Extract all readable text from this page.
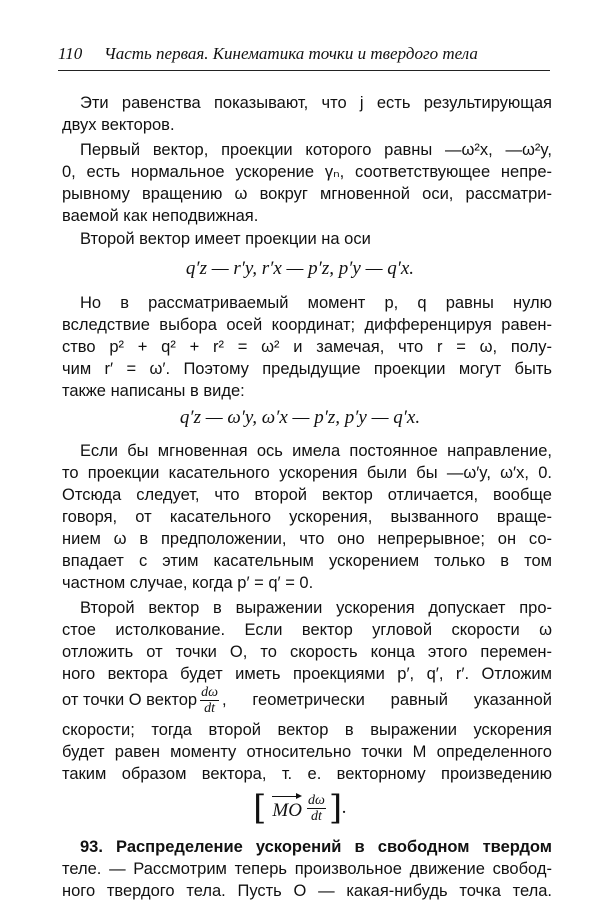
110 Часть первая. Кинематика точки и твердого тела
Эти равенства показывают, что j есть результирующая
двух векторов.
Первый вектор, проекции которого равны —ω²x, —ω²y,
0, есть нормальное ускорение γₙ, соответствующее непре-
рывному вращению ω вокруг мгновенной оси, рассматри-
ваемой как неподвижная.
Второй вектор имеет проекции на оси
q′z — r′y, r′x — p′z, p′y — q′x.
Но в рассматриваемый момент p, q равны нулю
вследствие выбора осей координат; дифференцируя равен-
ство p² + q² + r² = ω² и замечая, что r = ω, полу-
чим r′ = ω′. Поэтому предыдущие проекции могут быть
также написаны в виде:
q′z — ω′y, ω′x — p′z, p′y — q′x.
Если бы мгновенная ось имела постоянное направление,
то проекции касательного ускорения были бы —ω′y, ω′x, 0.
Отсюда следует, что второй вектор отличается, вообще
говоря, от касательного ускорения, вызванного враще-
нием ω в предположении, что оно непрерывное; он со-
впадает с этим касательным ускорением только в том
частном случае, когда p′ = q′ = 0.
Второй вектор в выражении ускорения допускает про-
стое истолкование. Если вектор угловой скорости ω
отложить от точки O, то скорость конца этого перемен-
ного вектора будет иметь проекциями p′, q′, r′. Отложим
от точки O вектор $\frac{d\omega}{dt}$ , геометрически равный указанной
скорости; тогда второй вектор в выражении ускорения
будет равен моменту относительно точки M определенного
таким образом вектора, т. е. векторному произведению
[ MO $\frac{d\omega}{dt}$ ] .
93. Распределение ускорений в свободном твердом
теле. — Рассмотрим теперь произвольное движение свобод-
ного твердого тела. Пусть O — какая-нибудь точка тела.
